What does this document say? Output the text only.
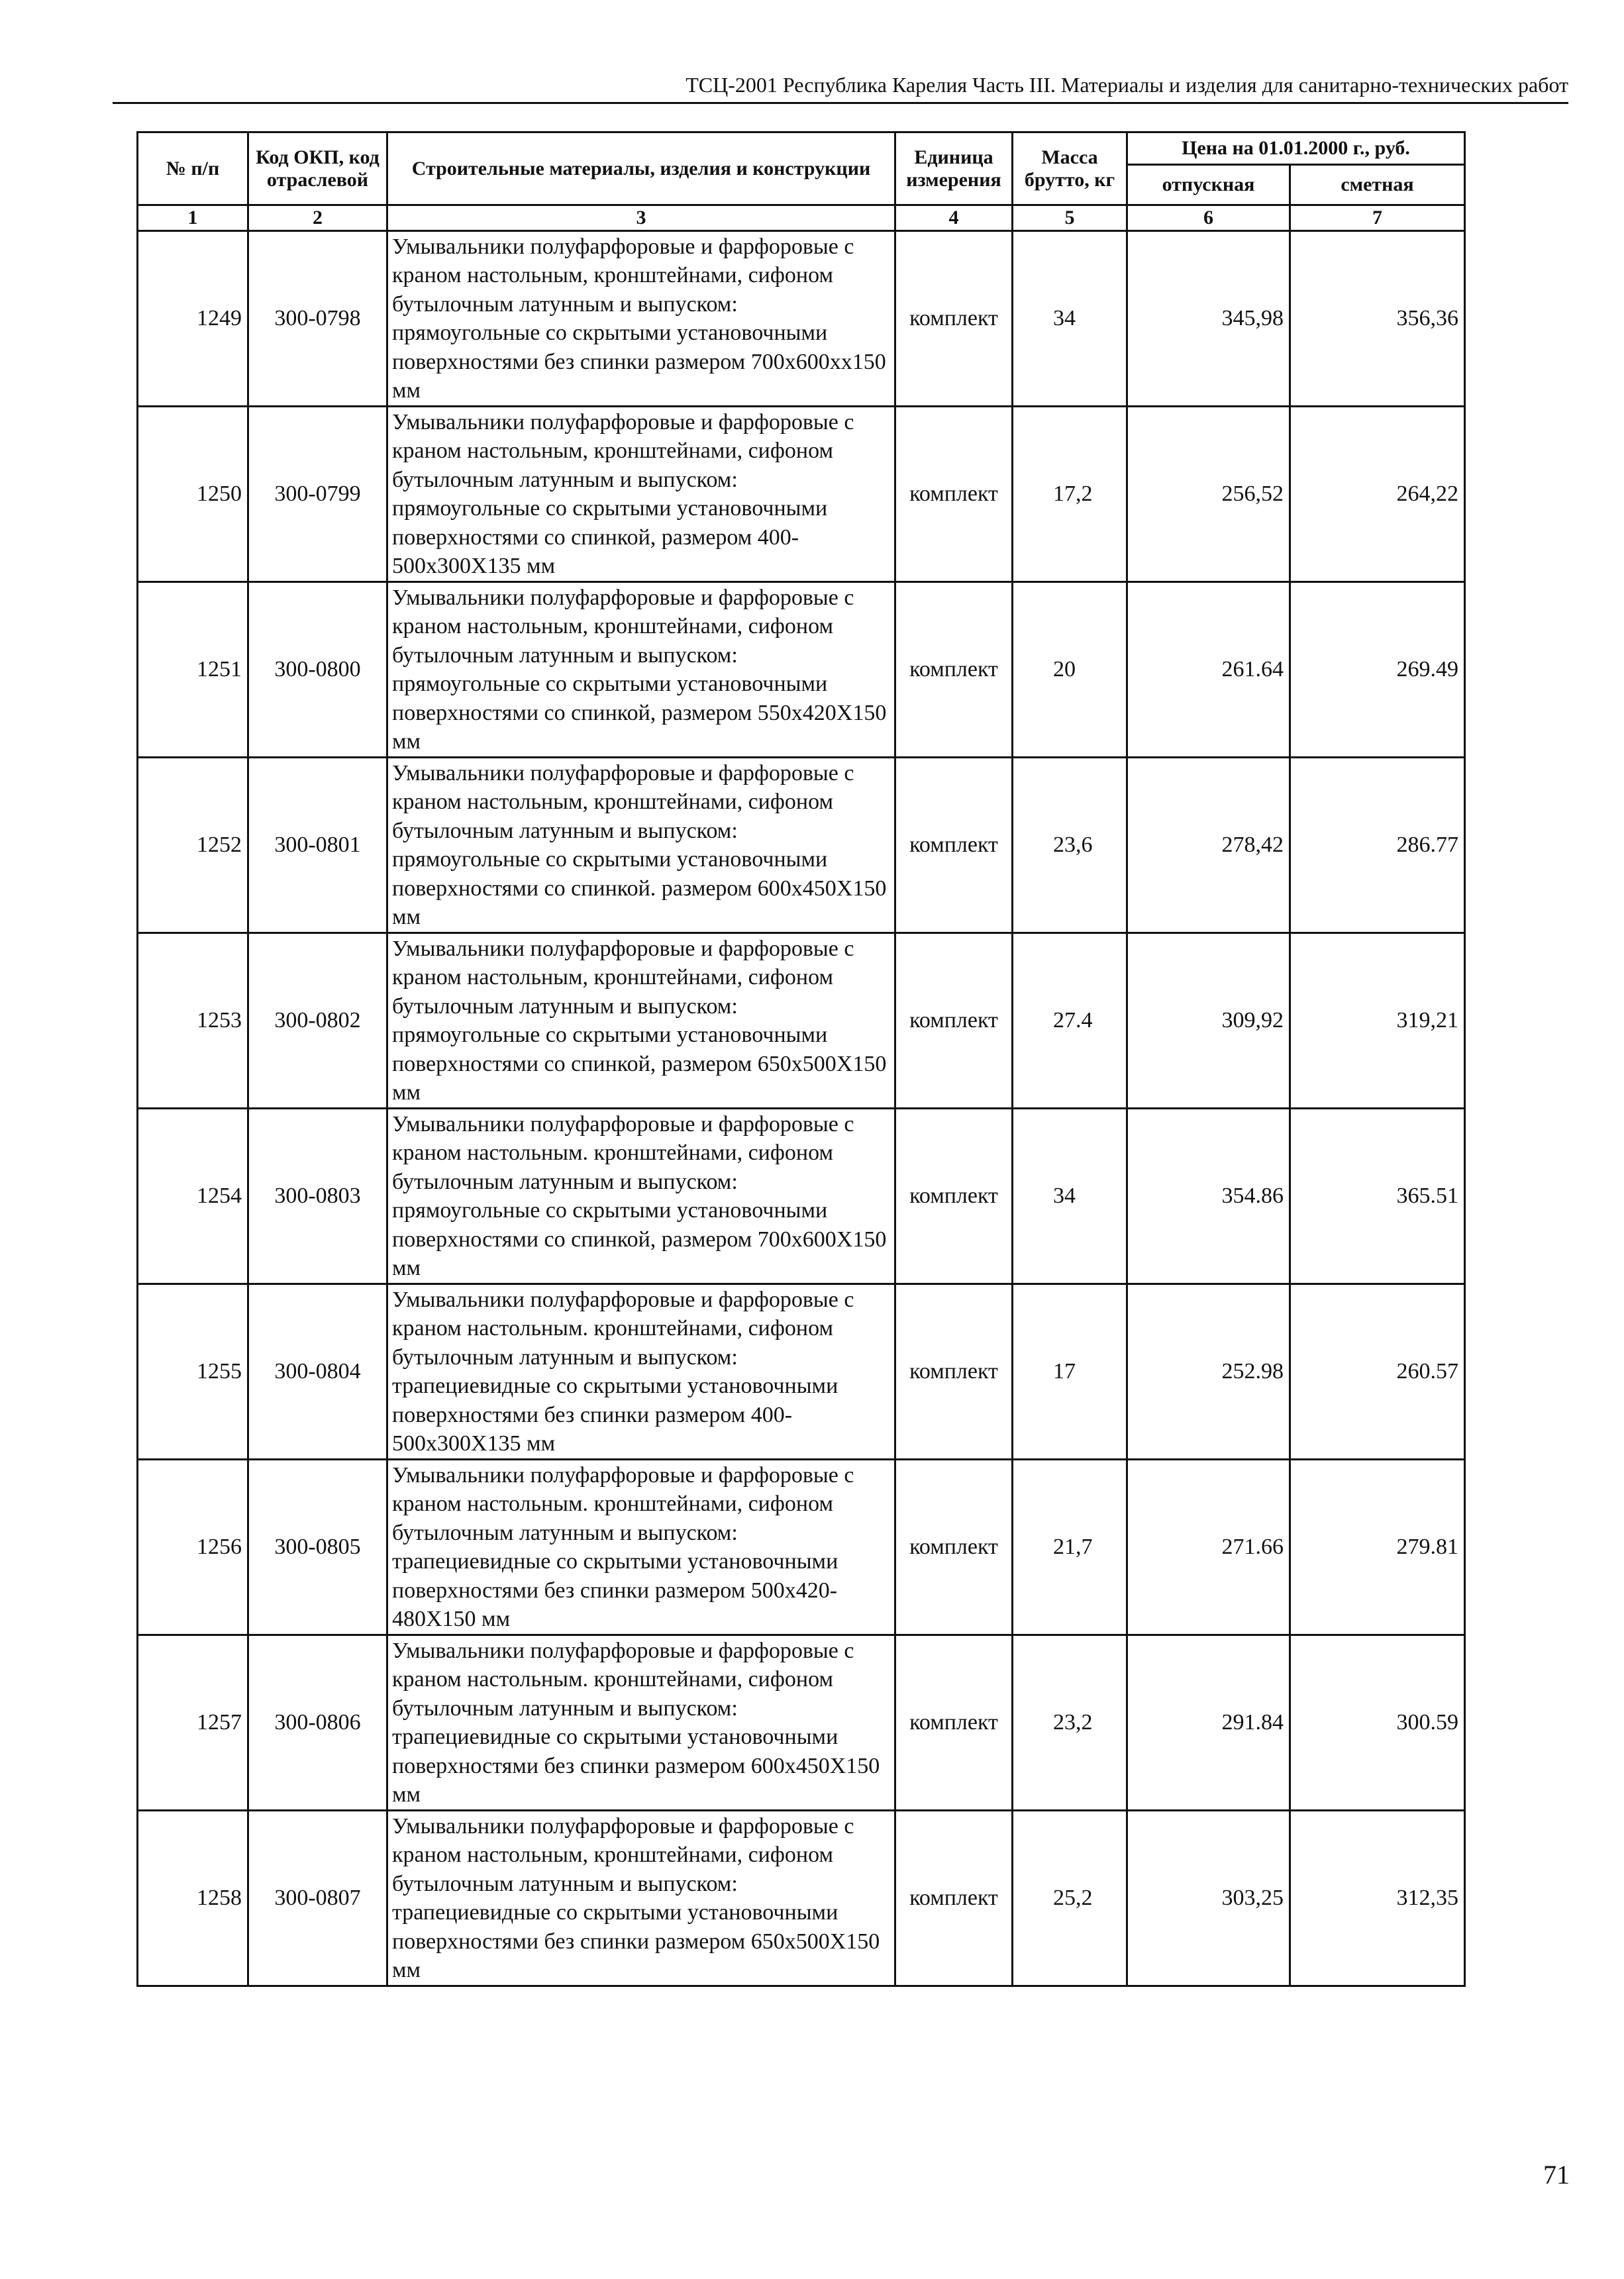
ТСЦ-2001 Республика Карелия Часть III. Материалы и изделия для санитарно-технических работ
№ п/п	Код ОКП, код отраслевой	Строительные материалы, изделия и конструкции	Единица измерения	Масса брутто, кг	Цена на 01.01.2000 г., руб.	
					отпускная	сметная
1	2	3	4	5	6	7
1249	300-0798	Умывальники полуфарфоровые и фарфоровые с краном настольным, кронштейнами, сифоном бутылочным латунным и выпуском: прямоугольные со скрытыми установочными поверхностями без спинки размером 700x600xx150 мм	комплект	34	345,98	356,36
1250	300-0799	Умывальники полуфарфоровые и фарфоровые с краном настольным, кронштейнами, сифоном бутылочным латунным и выпуском: прямоугольные со скрытыми установочными поверхностями со спинкой, размером 400-500x300X135 мм	комплект	17,2	256,52	264,22
1251	300-0800	Умывальники полуфарфоровые и фарфоровые с краном настольным, кронштейнами, сифоном бутылочным латунным и выпуском: прямоугольные со скрытыми установочными поверхностями со спинкой, размером 550x420X150 мм	комплект	20	261.64	269.49
1252	300-0801	Умывальники полуфарфоровые и фарфоровые с краном настольным, кронштейнами, сифоном бутылочным латунным и выпуском: прямоугольные со скрытыми установочными поверхностями со спинкой. размером 600x450X150 мм	комплект	23,6	278,42	286.77
1253	300-0802	Умывальники полуфарфоровые и фарфоровые с краном настольным, кронштейнами, сифоном бутылочным латунным и выпуском: прямоугольные со скрытыми установочными поверхностями со спинкой, размером 650x500X150 мм	комплект	27.4	309,92	319,21
1254	300-0803	Умывальники полуфарфоровые и фарфоровые с краном настольным. кронштейнами, сифоном бутылочным латунным и выпуском: прямоугольные со скрытыми установочными поверхностями со спинкой, размером 700x600X150 мм	комплект	34	354.86	365.51
1255	300-0804	Умывальники полуфарфоровые и фарфоровые с краном настольным. кронштейнами, сифоном бутылочным латунным и выпуском: трапециевидные со скрытыми установочными поверхностями без спинки размером 400-500x300X135 мм	комплект	17	252.98	260.57
1256	300-0805	Умывальники полуфарфоровые и фарфоровые с краном настольным. кронштейнами, сифоном бутылочным латунным и выпуском: трапециевидные со скрытыми установочными поверхностями без спинки размером 500x420-480X150 мм	комплект	21,7	271.66	279.81
1257	300-0806	Умывальники полуфарфоровые и фарфоровые с краном настольным. кронштейнами, сифоном бутылочным латунным и выпуском: трапециевидные со скрытыми установочными поверхностями без спинки размером 600x450X150 мм	комплект	23,2	291.84	300.59
1258	300-0807	Умывальники полуфарфоровые и фарфоровые с краном настольным, кронштейнами, сифоном бутылочным латунным и выпуском: трапециевидные со скрытыми установочными поверхностями без спинки размером 650x500X150 мм	комплект	25,2	303,25	312,35
71
